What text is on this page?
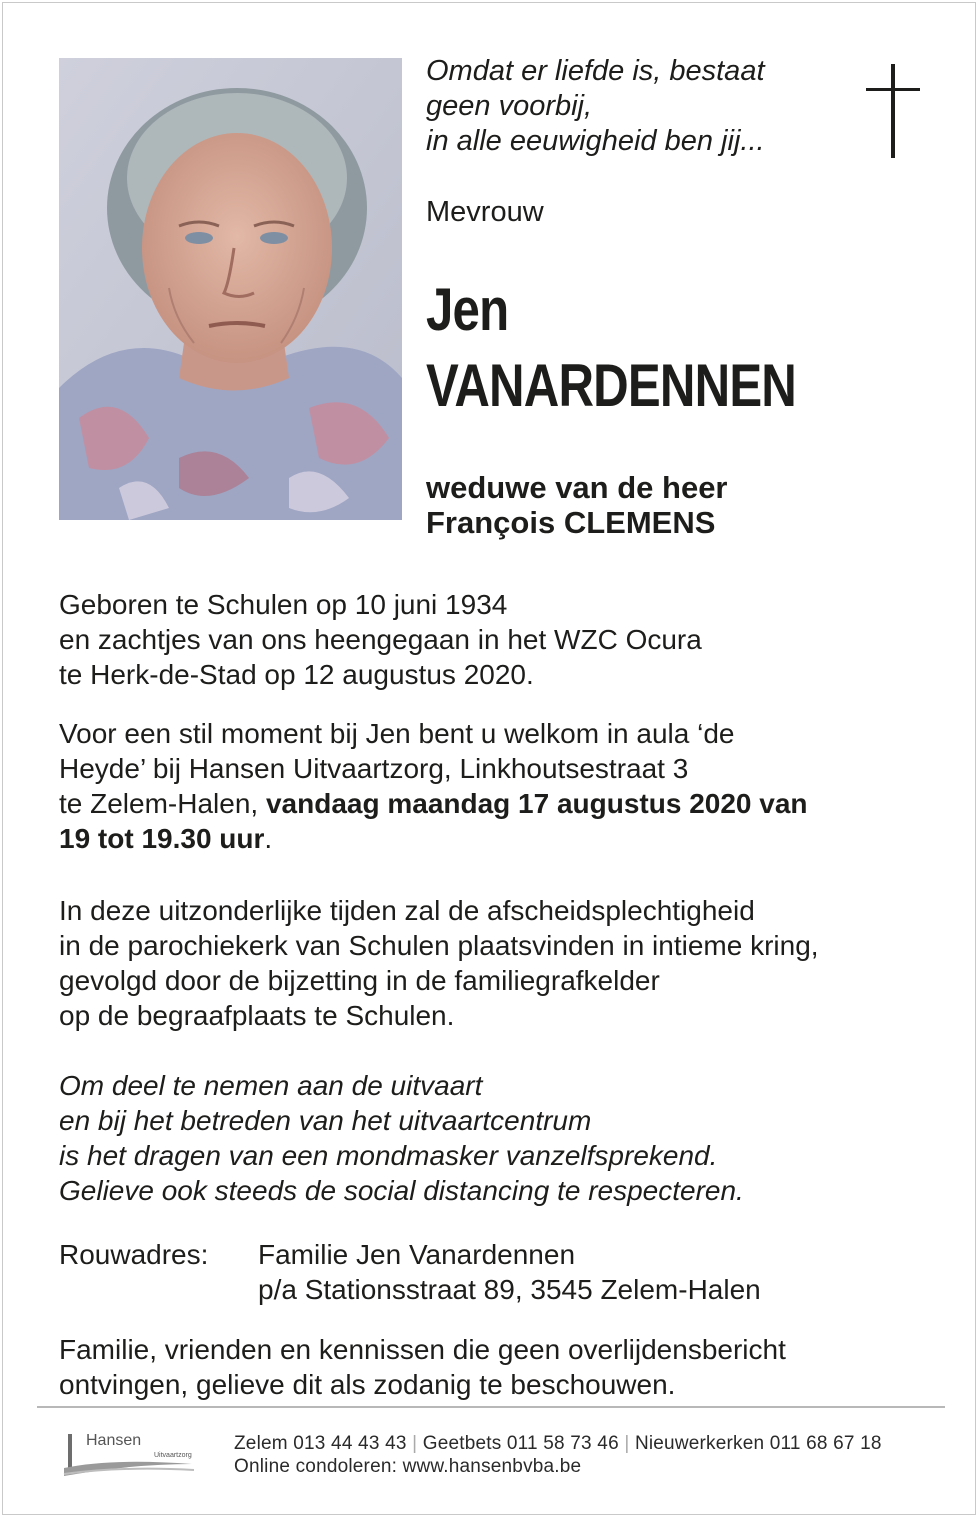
Omdat er liefde is, bestaat
geen voorbij,
in alle eeuwigheid ben jij...
Mevrouw
Jen
VANARDENNEN
weduwe van de heer
François CLEMENS
Geboren te Schulen op 10 juni 1934
en zachtjes van ons heengegaan in het WZC Ocura
te Herk-de-Stad op 12 augustus 2020.
Voor een stil moment bij Jen bent u welkom in aula ‘de
Heyde’ bij Hansen Uitvaartzorg, Linkhoutsestraat 3
te Zelem-Halen, vandaag maandag 17 augustus 2020 van
19 tot 19.30 uur.
In deze uitzonderlijke tijden zal de afscheidsplechtigheid
in de parochiekerk van Schulen plaatsvinden in intieme kring,
gevolgd door de bijzetting in de familiegrafkelder
op de begraafplaats te Schulen.
Om deel te nemen aan de uitvaart
en bij het betreden van het uitvaartcentrum
is het dragen van een mondmasker vanzelfsprekend.
Gelieve ook steeds de social distancing te respecteren.
Rouwadres: Familie Jen Vanardennen
p/a Stationsstraat 89, 3545 Zelem-Halen
Familie, vrienden en kennissen die geen overlijdensbericht
ontvingen, gelieve dit als zodanig te beschouwen.
Hansen
Uitvaartzorg
Zelem 013 44 43 43 | Geetbets 011 58 73 46 | Nieuwerkerken 011 68 67 18
Online condoleren: www.hansenbvba.be
